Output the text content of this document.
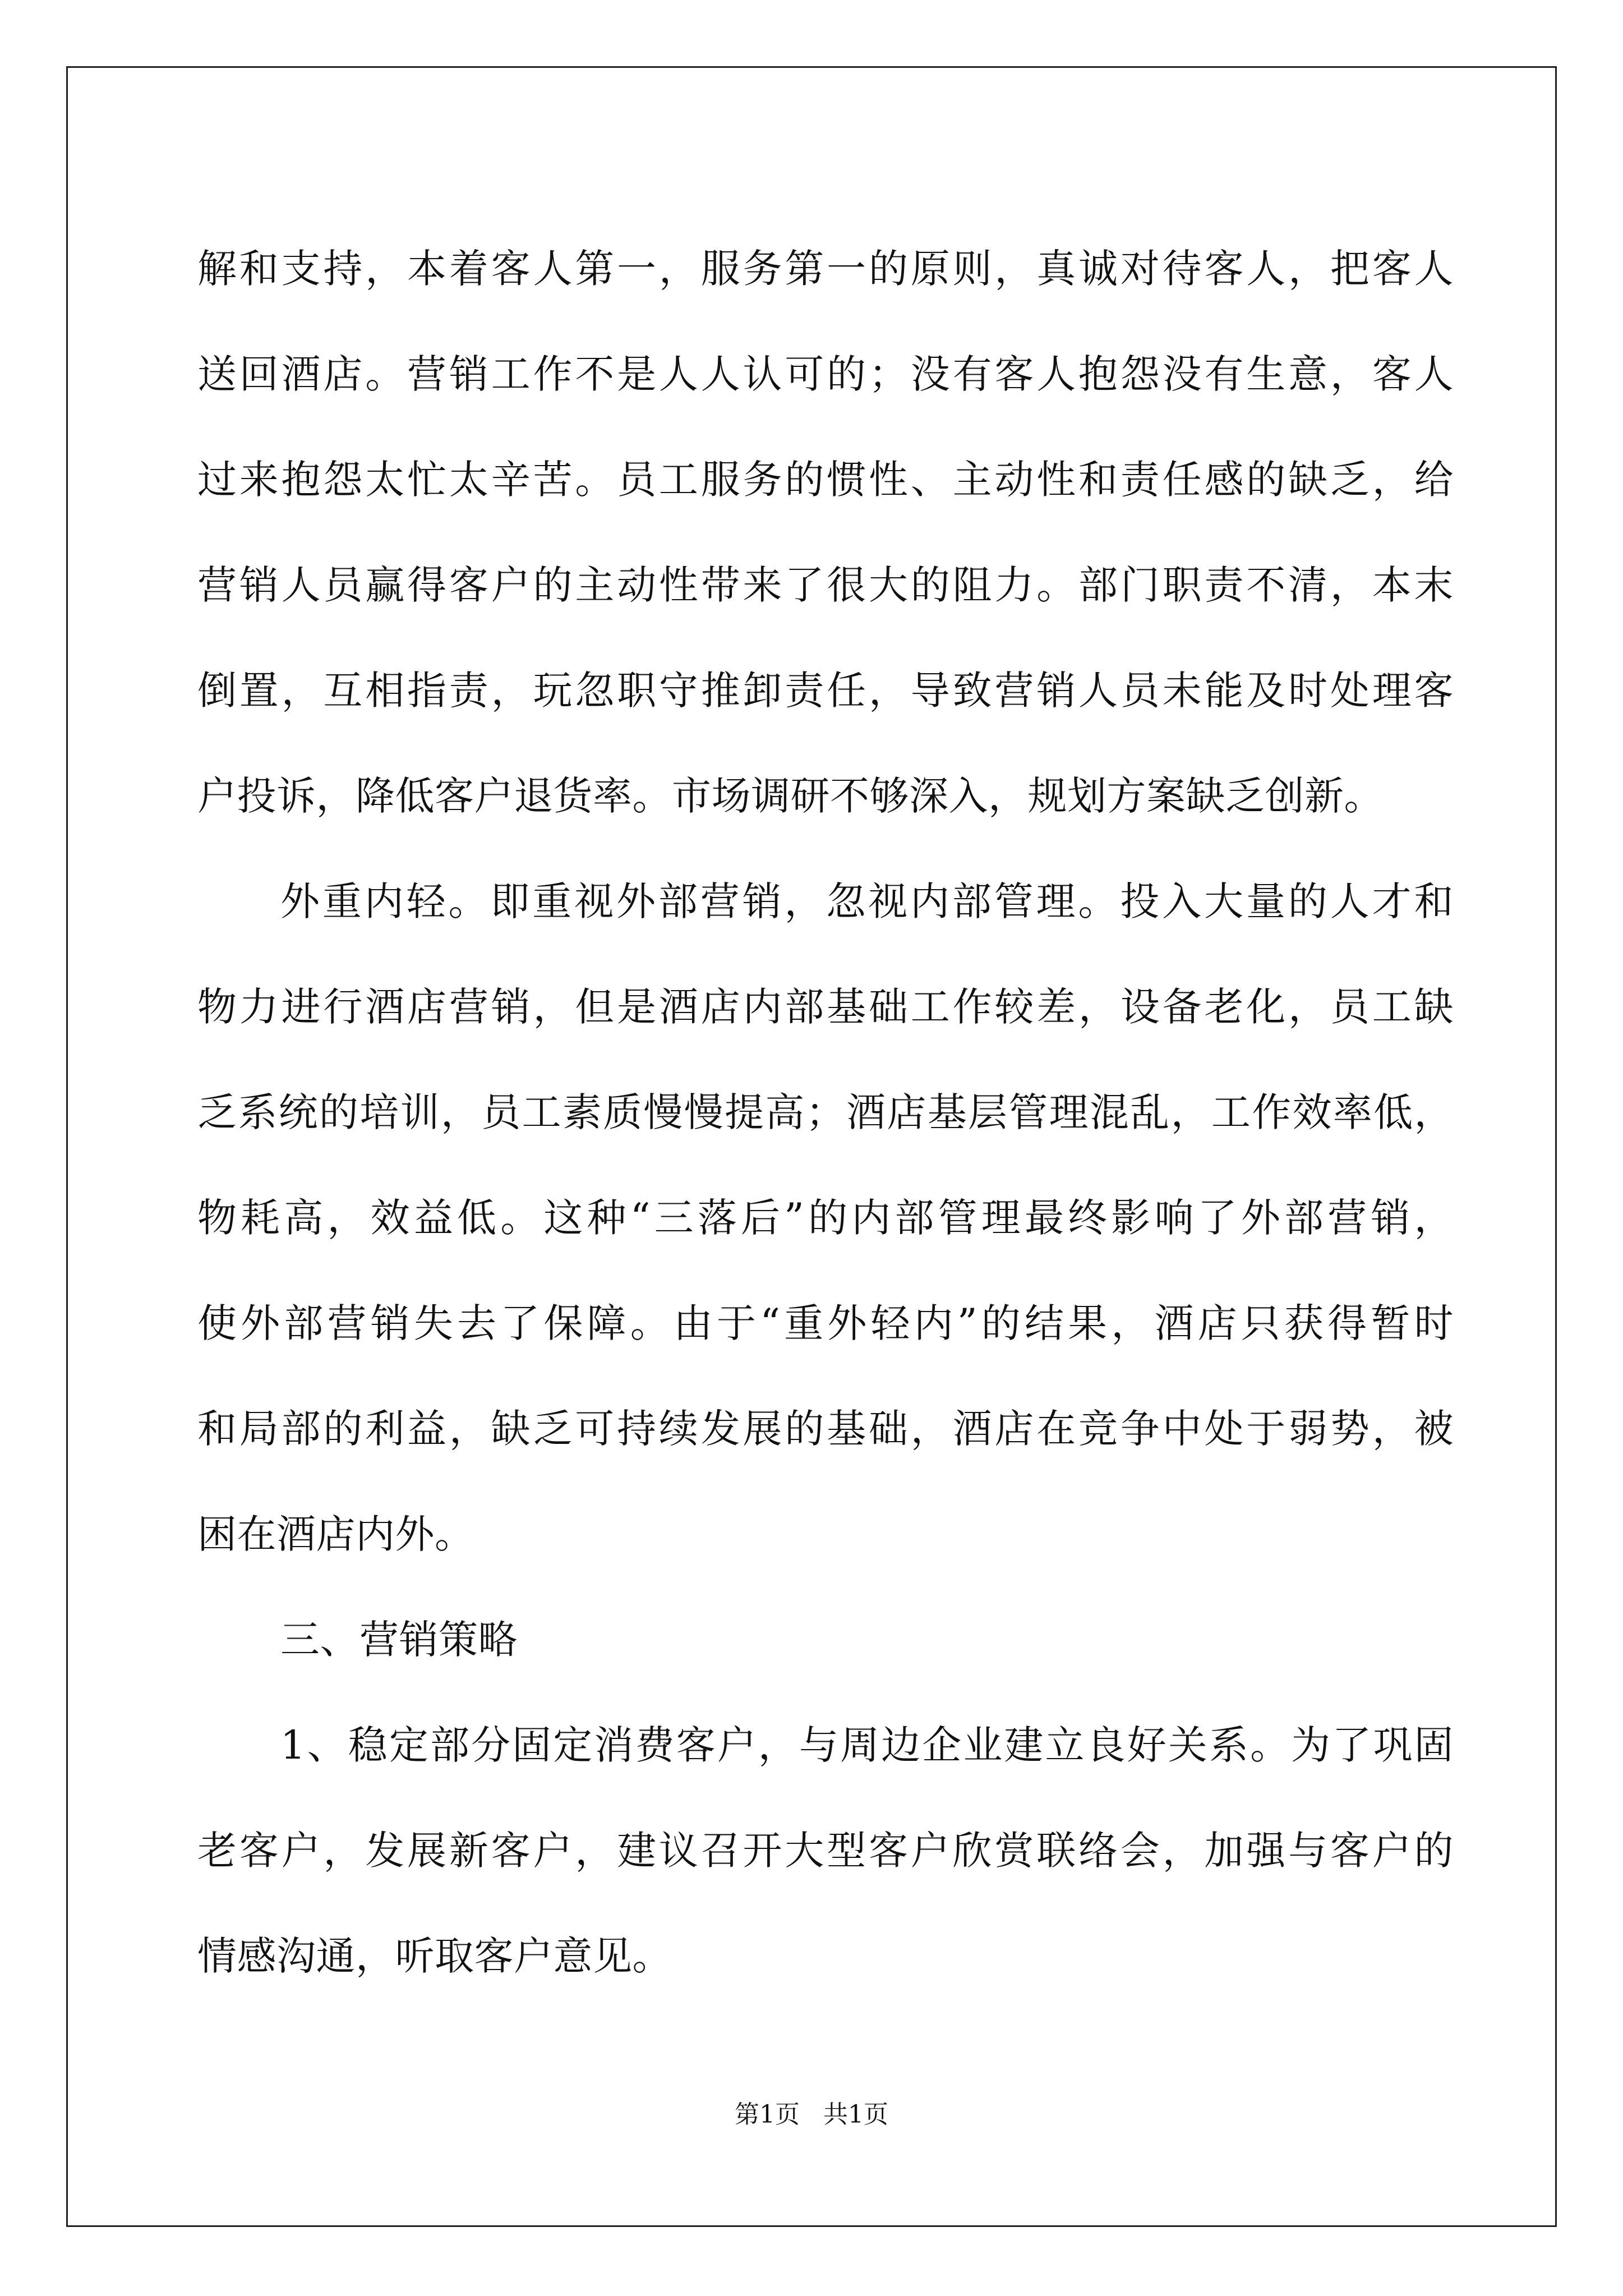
解和支持，本着客人第一，服务第一的原则，真诚对待客人，把客人
送回酒店。营销工作不是人人认可的；没有客人抱怨没有生意，客人
过来抱怨太忙太辛苦。员工服务的惯性、主动性和责任感的缺乏，给
营销人员赢得客户的主动性带来了很大的阻力。部门职责不清，本末
倒置，互相指责，玩忽职守推卸责任，导致营销人员未能及时处理客
户投诉，降低客户退货率。市场调研不够深入，规划方案缺乏创新。
外重内轻。即重视外部营销，忽视内部管理。投入大量的人才和
物力进行酒店营销，但是酒店内部基础工作较差，设备老化，员工缺
乏系统的培训，员工素质慢慢提高；酒店基层管理混乱，工作效率低，
物耗高，效益低。这种“三落后”的内部管理最终影响了外部营销，
使外部营销失去了保障。由于“重外轻内”的结果，酒店只获得暂时
和局部的利益，缺乏可持续发展的基础，酒店在竞争中处于弱势，被
困在酒店内外。
三、营销策略
1、稳定部分固定消费客户，与周边企业建立良好关系。为了巩固
老客户，发展新客户，建议召开大型客户欣赏联络会，加强与客户的
情感沟通，听取客户意见。
第1页 共1页
